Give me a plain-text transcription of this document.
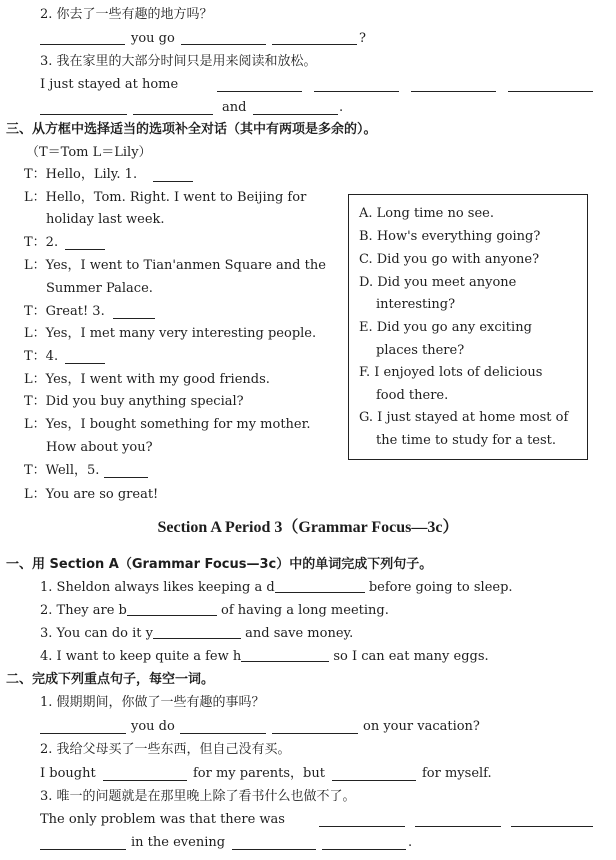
2. 你去了一些有趣的地方吗？
you go	?
3. 我在家里的大部分时间只是用来阅读和放松。
I just stayed at home
and	.
三、从方框中选择适当的选项补全对话（其中有两项是多余的）。
（T＝Tom L＝Lily）
T：Hello，Lily. 1.
L：Hello，Tom. Right. I went to Beijing for
holiday last week.
T：2.
L：Yes，I went to Tian'anmen Square and the
Summer Palace.
T：Great! 3.
L：Yes，I met many very interesting people.
T：4.
L：Yes，I went with my good friends.
T：Did you buy anything special?
L：Yes，I bought something for my mother.
How about you?
T：Well，5.
L：You are so great!
A. Long time no see.
B. How's everything going?
C. Did you go with anyone?
D. Did you meet anyone
interesting?
E. Did you go any exciting
places there?
F. I enjoyed lots of delicious
food there.
G. I just stayed at home most of
the time to study for a test.
Section A Period 3（Grammar Focus—3c）
一、用 Section A（Grammar Focus—3c）中的单词完成下列句子。
1. Sheldon always likes keeping a d	before going to sleep.
2. They are b	of having a long meeting.
3. You can do it y	and save money.
4. I want to keep quite a few h	so I can eat many eggs.
二、完成下列重点句子，每空一词。
1. 假期期间，你做了一些有趣的事吗？
you do	on your vacation?
2. 我给父母买了一些东西，但自己没有买。
I bought	for my parents，but	for myself.
3. 唯一的问题就是在那里晚上除了看书什么也做不了。
The only problem was that there was
in the evening	.
